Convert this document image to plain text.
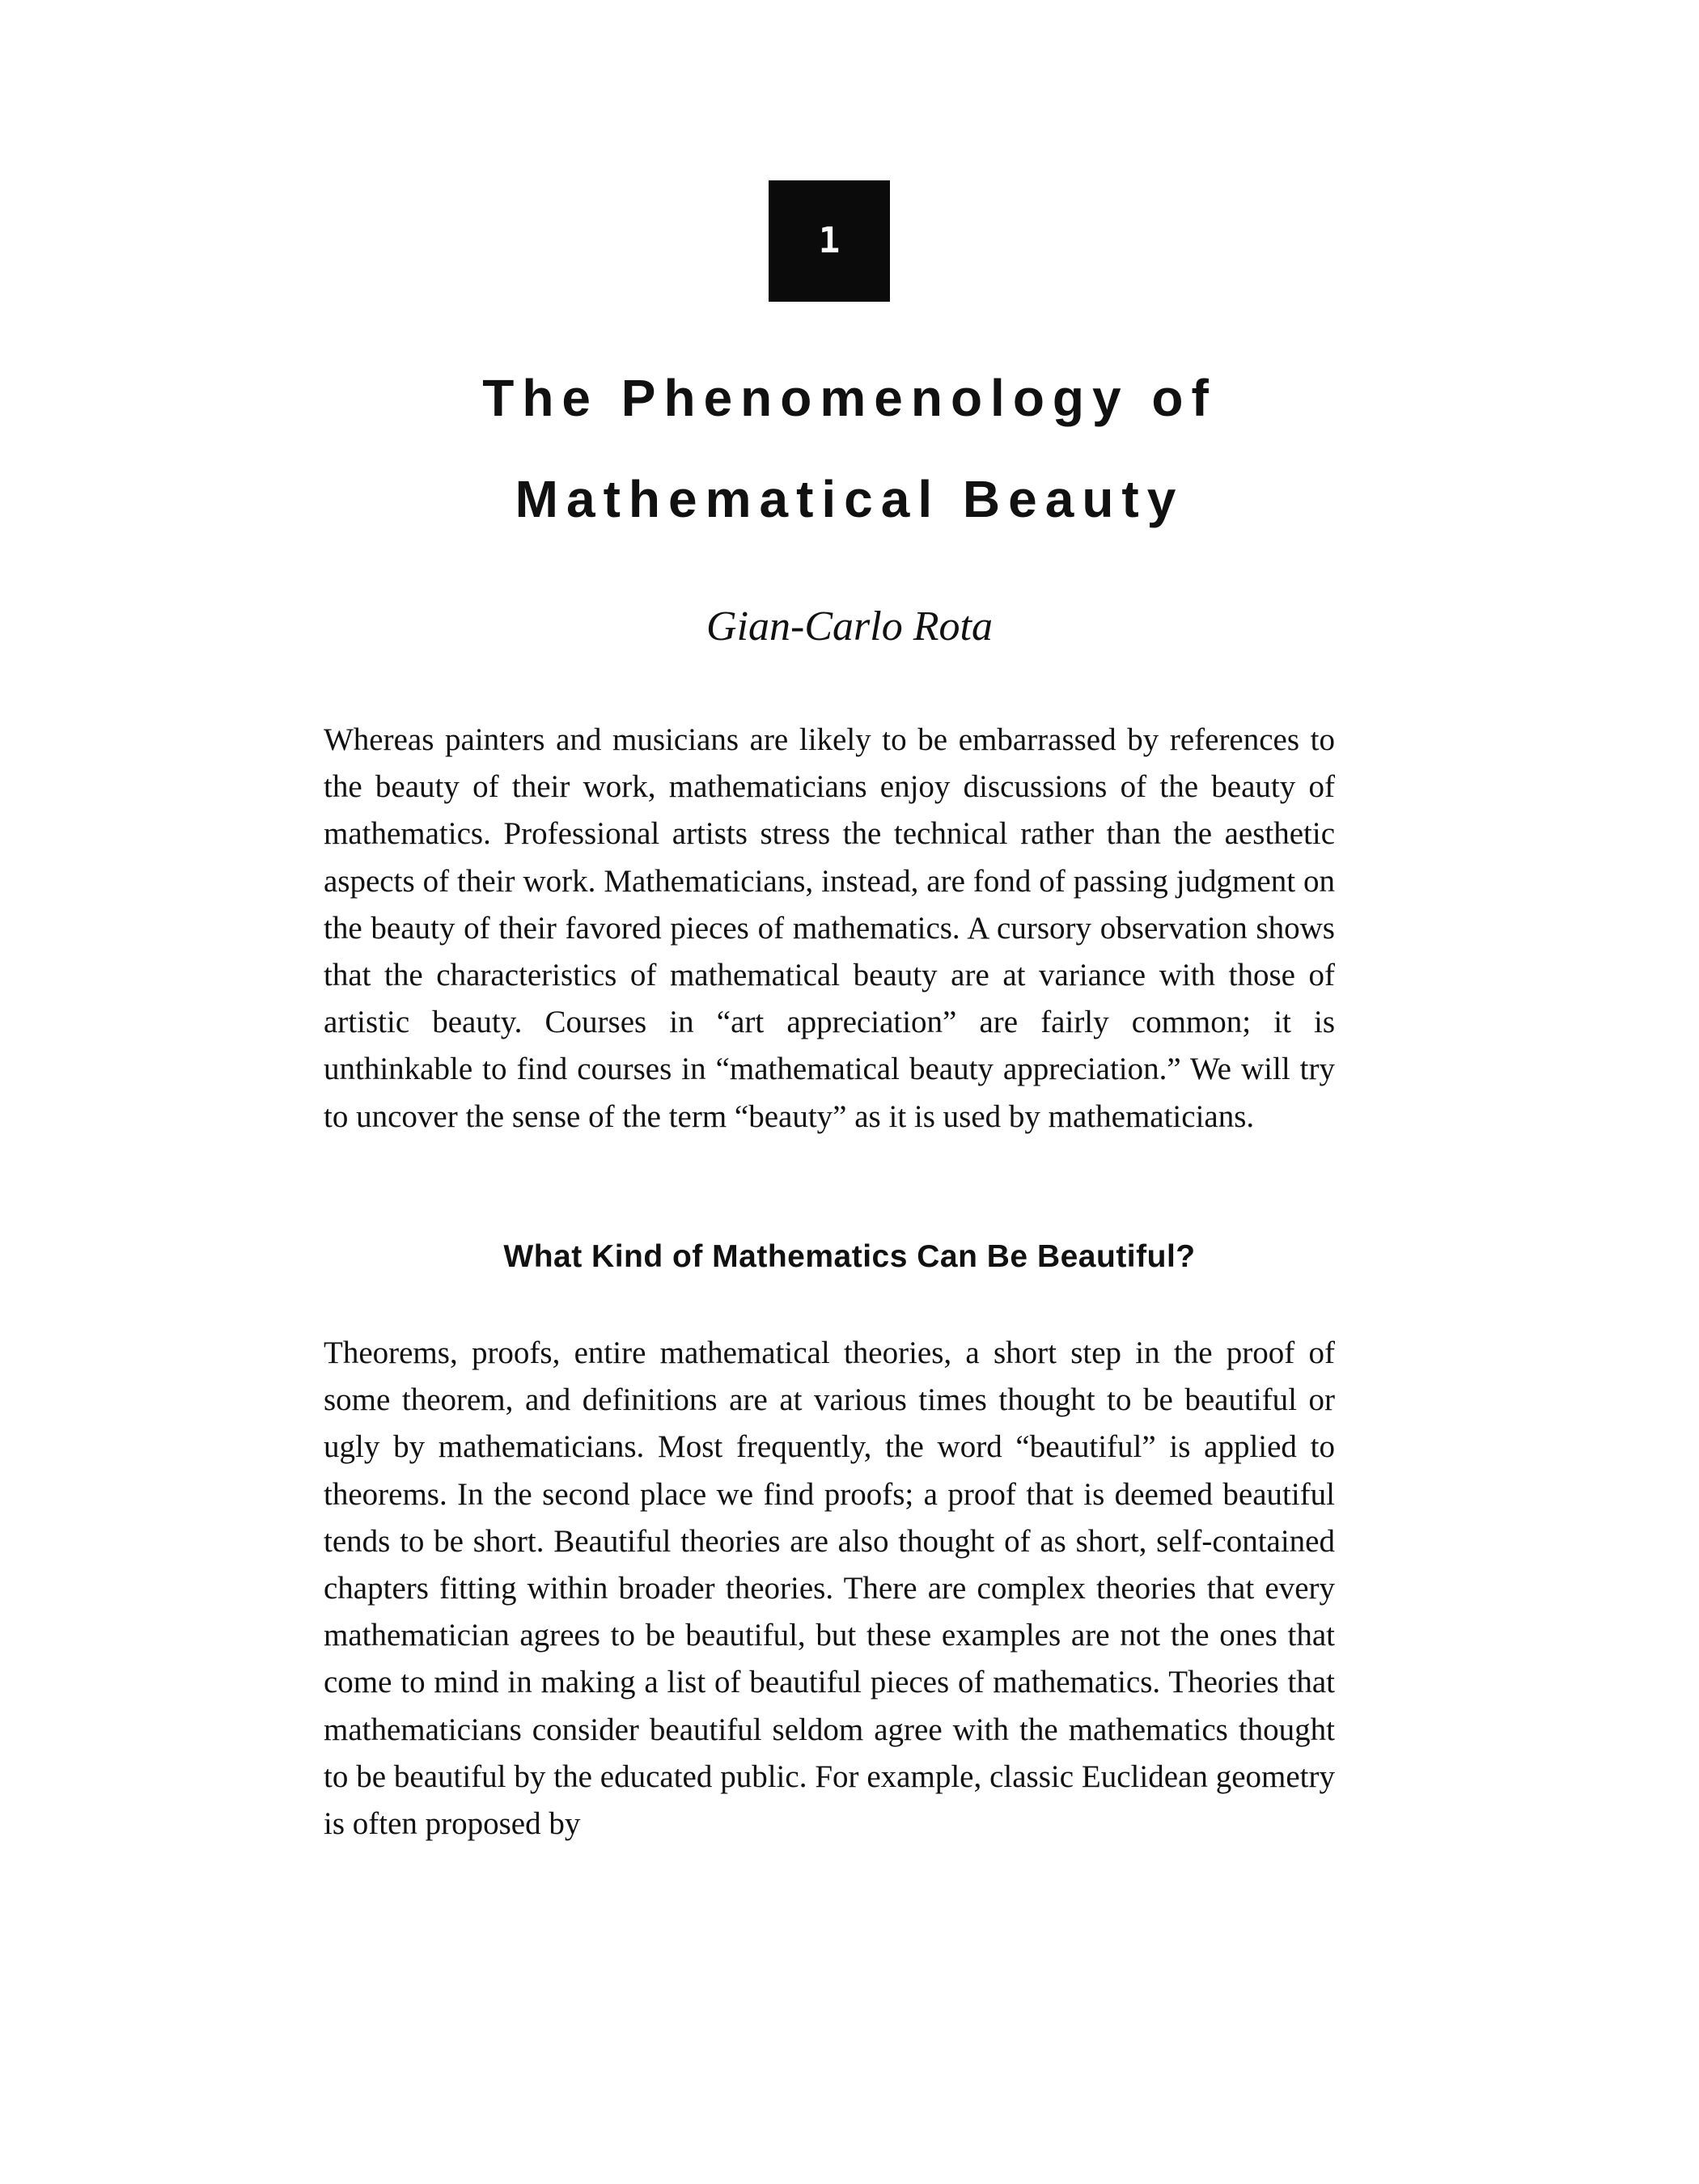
1
The Phenomenology of
Mathematical Beauty
Gian-Carlo Rota

Whereas painters and musicians are likely to be embarrassed by references to the beauty of their work, mathematicians enjoy discussions of the beauty of mathematics. Professional artists stress the technical rather than the aesthetic aspects of their work. Mathematicians, instead, are fond of passing judgment on the beauty of their favored pieces of mathematics. A cursory observation shows that the characteristics of mathematical beauty are at variance with those of artistic beauty. Courses in “art appreciation” are fairly common; it is unthinkable to find courses in “mathematical beauty appreciation.” We will try to uncover the sense of the term “beauty” as it is used by mathematicians.

What Kind of Mathematics Can Be Beautiful?

Theorems, proofs, entire mathematical theories, a short step in the proof of some theorem, and definitions are at various times thought to be beautiful or ugly by mathematicians. Most frequently, the word “beautiful” is applied to theorems. In the second place we find proofs; a proof that is deemed beautiful tends to be short. Beautiful theories are also thought of as short, self-contained chapters fitting within broader theories. There are complex theories that every mathematician agrees to be beautiful, but these examples are not the ones that come to mind in making a list of beautiful pieces of mathematics. Theories that mathematicians consider beautiful seldom agree with the mathematics thought to be beautiful by the educated public. For example, classic Euclidean geometry is often proposed by
